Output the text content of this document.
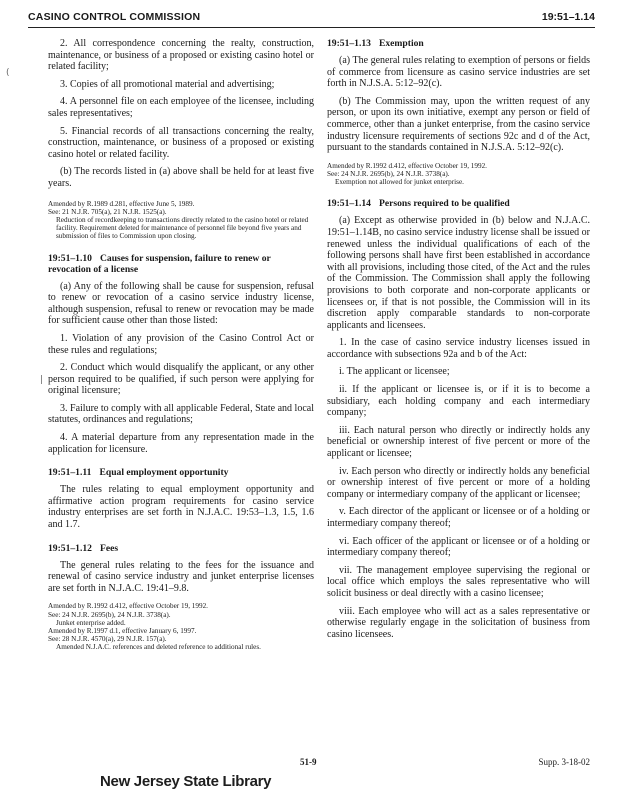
CASINO CONTROL COMMISSION	19:51–1.14
(
|

2. All correspondence concerning the realty, construction, maintenance, or business of a proposed or existing casino hotel or related facility;

3. Copies of all promotional material and advertising;

4. A personnel file on each employee of the licensee, including sales representatives;

5. Financial records of all transactions concerning the realty, construction, maintenance, or business of a proposed or existing casino hotel or related facility.

(b) The records listed in (a) above shall be held for at least five years.

Amended by R.1989 d.281, effective June 5, 1989.
See: 21 N.J.R. 705(a), 21 N.J.R. 1525(a).
Reduction of recordkeeping to transactions directly related to the casino hotel or related facility. Requirement deleted for maintenance of personnel file beyond five years and submission of files to Commission upon closing.
19:51–1.10 Causes for suspension, failure to renew or revocation of a license

(a) Any of the following shall be cause for suspension, refusal to renew or revocation of a casino service industry license, although suspension, refusal to renew or revocation may be made for sufficient cause other than those listed:

1. Violation of any provision of the Casino Control Act or these rules and regulations;

2. Conduct which would disqualify the applicant, or any other person required to be qualified, if such person were applying for original licensure;

3. Failure to comply with all applicable Federal, State and local statutes, ordinances and regulations;

4. A material departure from any representation made in the application for licensure.

19:51–1.11 Equal employment opportunity

The rules relating to equal employment opportunity and affirmative action program requirements for casino service industry enterprises are set forth in N.J.A.C. 19:53–1.3, 1.5, 1.6 and 1.7.

19:51–1.12 Fees

The general rules relating to the fees for the issuance and renewal of casino service industry and junket enterprise licenses are set forth in N.J.A.C. 19:41–9.8.

Amended by R.1992 d.412, effective October 19, 1992.
See: 24 N.J.R. 2695(b), 24 N.J.R. 3738(a).
Junket enterprise added.
Amended by R.1997 d.1, effective January 6, 1997.
See: 28 N.J.R. 4570(a), 29 N.J.R. 157(a).
Amended N.J.A.C. references and deleted reference to additional rules.
19:51–1.13 Exemption

(a) The general rules relating to exemption of persons or fields of commerce from licensure as casino service industries are set forth in N.J.S.A. 5:12–92(c).

(b) The Commission may, upon the written request of any person, or upon its own initiative, exempt any person or field of commerce, other than a junket enterprise, from the casino service industry licensure requirements of sections 92c and d of the Act, pursuant to the standards contained in N.J.S.A. 5:12–92(c).

Amended by R.1992 d.412, effective October 19, 1992.
See: 24 N.J.R. 2695(b), 24 N.J.R. 3738(a).
Exemption not allowed for junket enterprise.
19:51–1.14 Persons required to be qualified

(a) Except as otherwise provided in (b) below and N.J.A.C. 19:51–1.14B, no casino service industry license shall be issued or renewed unless the individual qualifications of each of the following persons shall have first been established in accordance with all provisions, including those cited, of the Act and the rules of the Commission. The Commission shall apply the following provisions to both corporate and non-corporate applicants or licensees or, if that is not possible, the Commission will in its discretion apply comparable standards to non-corporate applicants and licensees.

1. In the case of casino service industry licenses issued in accordance with subsections 92a and b of the Act:

i. The applicant or licensee;

ii. If the applicant or licensee is, or if it is to become a subsidiary, each holding company and each intermediary company;

iii. Each natural person who directly or indirectly holds any beneficial or ownership interest of five percent or more of the applicant or licensee;

iv. Each person who directly or indirectly holds any beneficial or ownership interest of five percent or more of a holding company or intermediary company of the applicant or licensee;

v. Each director of the applicant or licensee or of a holding or intermediary company thereof;

vi. Each officer of the applicant or licensee or of a holding or intermediary company thereof;

vii. The management employee supervising the regional or local office which employs the sales representative who will solicit business or deal directly with a casino licensee;

viii. Each employee who will act as a sales representative or otherwise regularly engage in the solicitation of business from casino licensees.

51-9	Supp. 3-18-02
New Jersey State Library
